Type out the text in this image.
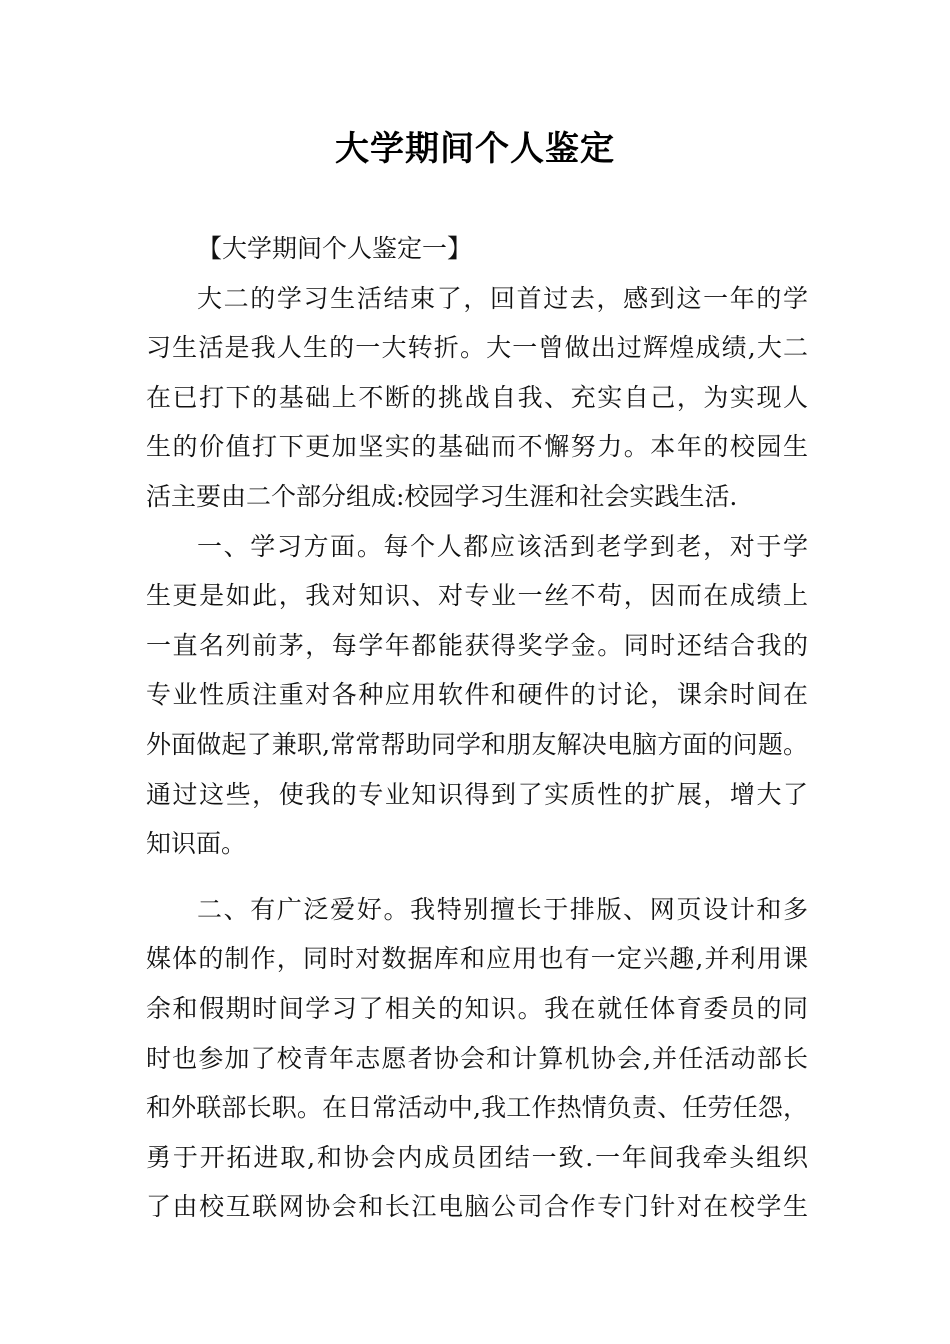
大学期间个人鉴定

【大学期间个人鉴定一】

大二的学习生活结束了，回首过去，感到这一年的学
习生活是我人生的一大转折。大一曾做出过辉煌成绩,大二
在已打下的基础上不断的挑战自我、充实自己，为实现人
生的价值打下更加坚实的基础而不懈努力。本年的校园生
活主要由二个部分组成:校园学习生涯和社会实践生活.
一、学习方面。每个人都应该活到老学到老，对于学
生更是如此，我对知识、对专业一丝不苟，因而在成绩上
一直名列前茅，每学年都能获得奖学金。同时还结合我的
专业性质注重对各种应用软件和硬件的讨论，课余时间在
外面做起了兼职,常常帮助同学和朋友解决电脑方面的问题。
通过这些，使我的专业知识得到了实质性的扩展，增大了
知识面。
二、有广泛爱好。我特别擅长于排版、网页设计和多
媒体的制作，同时对数据库和应用也有一定兴趣,并利用课
余和假期时间学习了相关的知识。我在就任体育委员的同
时也参加了校青年志愿者协会和计算机协会,并任活动部长
和外联部长职。在日常活动中,我工作热情负责、任劳任怨，
勇于开拓进取,和协会内成员团结一致.一年间我牵头组织
了由校互联网协会和长江电脑公司合作专门针对在校学生
